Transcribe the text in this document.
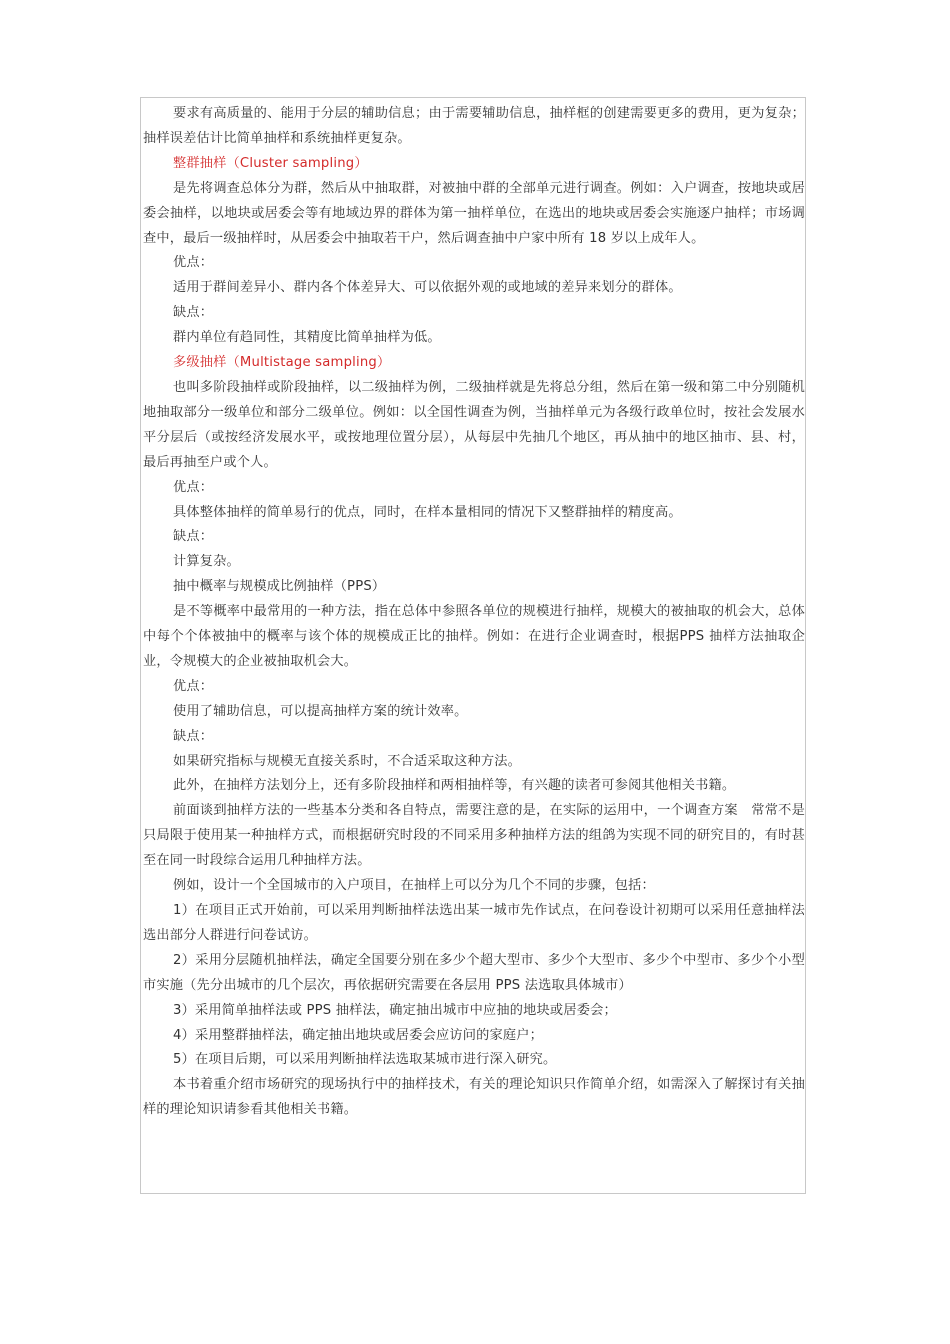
要求有高质量的、能用于分层的辅助信息；由于需要辅助信息，抽样框的创建需要更多的费用，更为复杂；抽样误差估计比简单抽样和系统抽样更复杂。

整群抽样（Cluster sampling）

是先将调查总体分为群，然后从中抽取群，对被抽中群的全部单元进行调查。例如：入户调查，按地块或居委会抽样，以地块或居委会等有地域边界的群体为第一抽样单位，在选出的地块或居委会实施逐户抽样；市场调查中，最后一级抽样时，从居委会中抽取若干户，然后调查抽中户家中所有 18 岁以上成年人。

优点：

适用于群间差异小、群内各个体差异大、可以依据外观的或地域的差异来划分的群体。

缺点：

群内单位有趋同性，其精度比简单抽样为低。

多级抽样（Multistage sampling）

也叫多阶段抽样或阶段抽样，以二级抽样为例，二级抽样就是先将总分组，然后在第一级和第二中分别随机地抽取部分一级单位和部分二级单位。例如：以全国性调查为例，当抽样单元为各级行政单位时，按社会发展水平分层后（或按经济发展水平，或按地理位置分层），从每层中先抽几个地区，再从抽中的地区抽市、县、村，最后再抽至户或个人。

优点：

具体整体抽样的简单易行的优点，同时，在样本量相同的情况下又整群抽样的精度高。

缺点：

计算复杂。

抽中概率与规模成比例抽样（PPS）

是不等概率中最常用的一种方法，指在总体中参照各单位的规模进行抽样，规模大的被抽取的机会大，总体中每个个体被抽中的概率与该个体的规模成正比的抽样。例如：在进行企业调查时，根据PPS 抽样方法抽取企业，令规模大的企业被抽取机会大。

优点：

使用了辅助信息，可以提高抽样方案的统计效率。

缺点：

如果研究指标与规模无直接关系时，不合适采取这种方法。

此外，在抽样方法划分上，还有多阶段抽样和两相抽样等，有兴趣的读者可参阅其他相关书籍。

前面谈到抽样方法的一些基本分类和各自特点，需要注意的是，在实际的运用中，一个调查方案　常常不是只局限于使用某一种抽样方式，而根据研究时段的不同采用多种抽样方法的组鸽为实现不同的研究目的，有时甚至在同一时段综合运用几种抽样方法。

例如，设计一个全国城市的入户项目，在抽样上可以分为几个不同的步骤，包括：

1）在项目正式开始前，可以采用判断抽样法选出某一城市先作试点，在问卷设计初期可以采用任意抽样法选出部分人群进行问卷试访。

2）采用分层随机抽样法，确定全国要分别在多少个超大型市、多少个大型市、多少个中型市、多少个小型市实施（先分出城市的几个层次，再依据研究需要在各层用 PPS 法选取具体城市）

3）采用简单抽样法或 PPS 抽样法，确定抽出城市中应抽的地块或居委会；

4）采用整群抽样法，确定抽出地块或居委会应访问的家庭户；

5）在项目后期，可以采用判断抽样法选取某城市进行深入研究。

本书着重介绍市场研究的现场执行中的抽样技术，有关的理论知识只作简单介绍，如需深入了解探讨有关抽样的理论知识请参看其他相关书籍。
